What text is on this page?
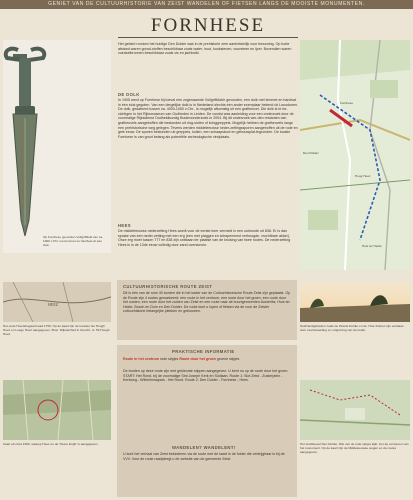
GENIET VAN DE CULTUURHISTORIE VAN ZEIST WANDELEN OF FIETSEN LANGS DE MOOISTE MONUMENTEN.
FORNHESE
Op Fornhese gevonden Vollgriffdolk van ca. 1000 v.Chr. met lemmet en handvat uit één stuk.
Het gebied rondom het huidige Den Dolder was in de prehistorie zeer aantrekkelijk voor bewoning. Op korte afstand waren grond-stoffen beschikbaar zoals water, hout, kookstenen, vuursteen en ijzer. Bovendien waren voedselbronnen beschikbaar zoals vis en jachtwild.
DE DOLK
In 1905 werd op Fornhese bij toeval een zogenaamde Vollgriffdolch gevonden, een dolk met lemmet en handvat in één stuk gegoten. Van een dergelijke dolk is in Nederland slechts één ander exemplaar bekend uit Losodunen. De dolk, gedateerd tussen ca. 4000-1050 v.Chr., is mogelijk afkomstig uit een grafheuvel. Die dolk is te be-zichtigen in het Rijksmuseum van Oudheden in Leiden. De vondst was aanleiding voor een onderzoek door de voormalige Rijksdienst Oudheidkundig Bodemonderzoek in 2004. Bij dit onderzoek wer-den restanten van grafheuvels aangetroffen die bestonden uit ring-sloten of kringgreppels. Mogelijk hebben de grafheuvels langs een prehistorische weg gelegen. Tevens werden middeleeuwse neder-zettingssporen aangetroffen uit de rode en gele eeuw. De sporen bestonden uit greppels, kuilen, een schaapskooi en gebouwplat-tegronden. De locatie Fornhese is van groot belang als potentiële archeologische vindplaats.
HEES
De middeleeuwse nederzetting Hees wordt voor de eerste keer vermeld in een oorkonde uit 838. Er is dan sprake van een neder-zetting met een erg (een met plaggen en schapenmest verhoogde, vruchtbare akker). Onze erg moet tussen 777 en 838 zijn ontstaan ter plaatse van de kruising van twee routes. De nederzetting Hees is in de 13de eeuw volledig door zand overstoven.
Den Dolder
Fornhese
Hoog Heez
Huis ter Heide
HEEZ
Het oude Hoeckbogaard wad 1750. Op de kaart zijn de locaties het Hoogh Heez en Leege Heez aangegeven. Bron: Rijksarchief in Utrecht, nr. 59 Hoogh Heez.
CULTUURHISTORISCHE ROUTE ZEIST
Dit is één van de ruim 40 borden die in het kader van de Cultuurhistorische Route Zeist zijn geplaatst. Op de Route zijn 4 routes gemarkeerd: een route in het centrum, een route door het groen, een route door het oosten, een route door het zuiden van Zeist en een route naar de buurtgemeenten Austerlitz, Huis ter Heide, Bosch en Duin en Den Dolder. De route kunt u lopen of fietsen via de voor de Zeister cultuurhistorie belangrijke plekken en gebouwen.
Stuifzandgebieden zoals de Zwarte Dolder en de Ybse Duinen zijn ontstaan door overbeweiding en ontginning van de heide.
PRAKTISCHE INFORMATIE
Route in het centrum rode stipjes Route door het groen groene stipjes
De borden op deze route zijn met gekleurde stippen aangegeven. U bent nu op de route door het groen. START: Het Rond, bij de voormalige Sint Joseph Kerk en Slotlaan. Route 1: Slot Zeist - Zusterplein - Kerkweg - Wilhelminapark - Het Rond. Route 2: Den Dolder - Fornhese - Hees.
WANDELEN? WANDELENT!
U kunt het verhaal van Zeist beluisteren via de route met de kaart in de folder die verkrijgbaar is bij de VVV. Voor de route raadpleegt u de website van de gemeente Zeist.
Kaart uit circa 1900, waarop Hees en de 'Heere Engh' is aangegeven.	Het Grafheuvel Den Dolder. Wie van de rode stipjes kijkt, ziet de contouren van het monument. Op de kaart zijn de Middeleeuwse wegen en de routes aangegeven.
